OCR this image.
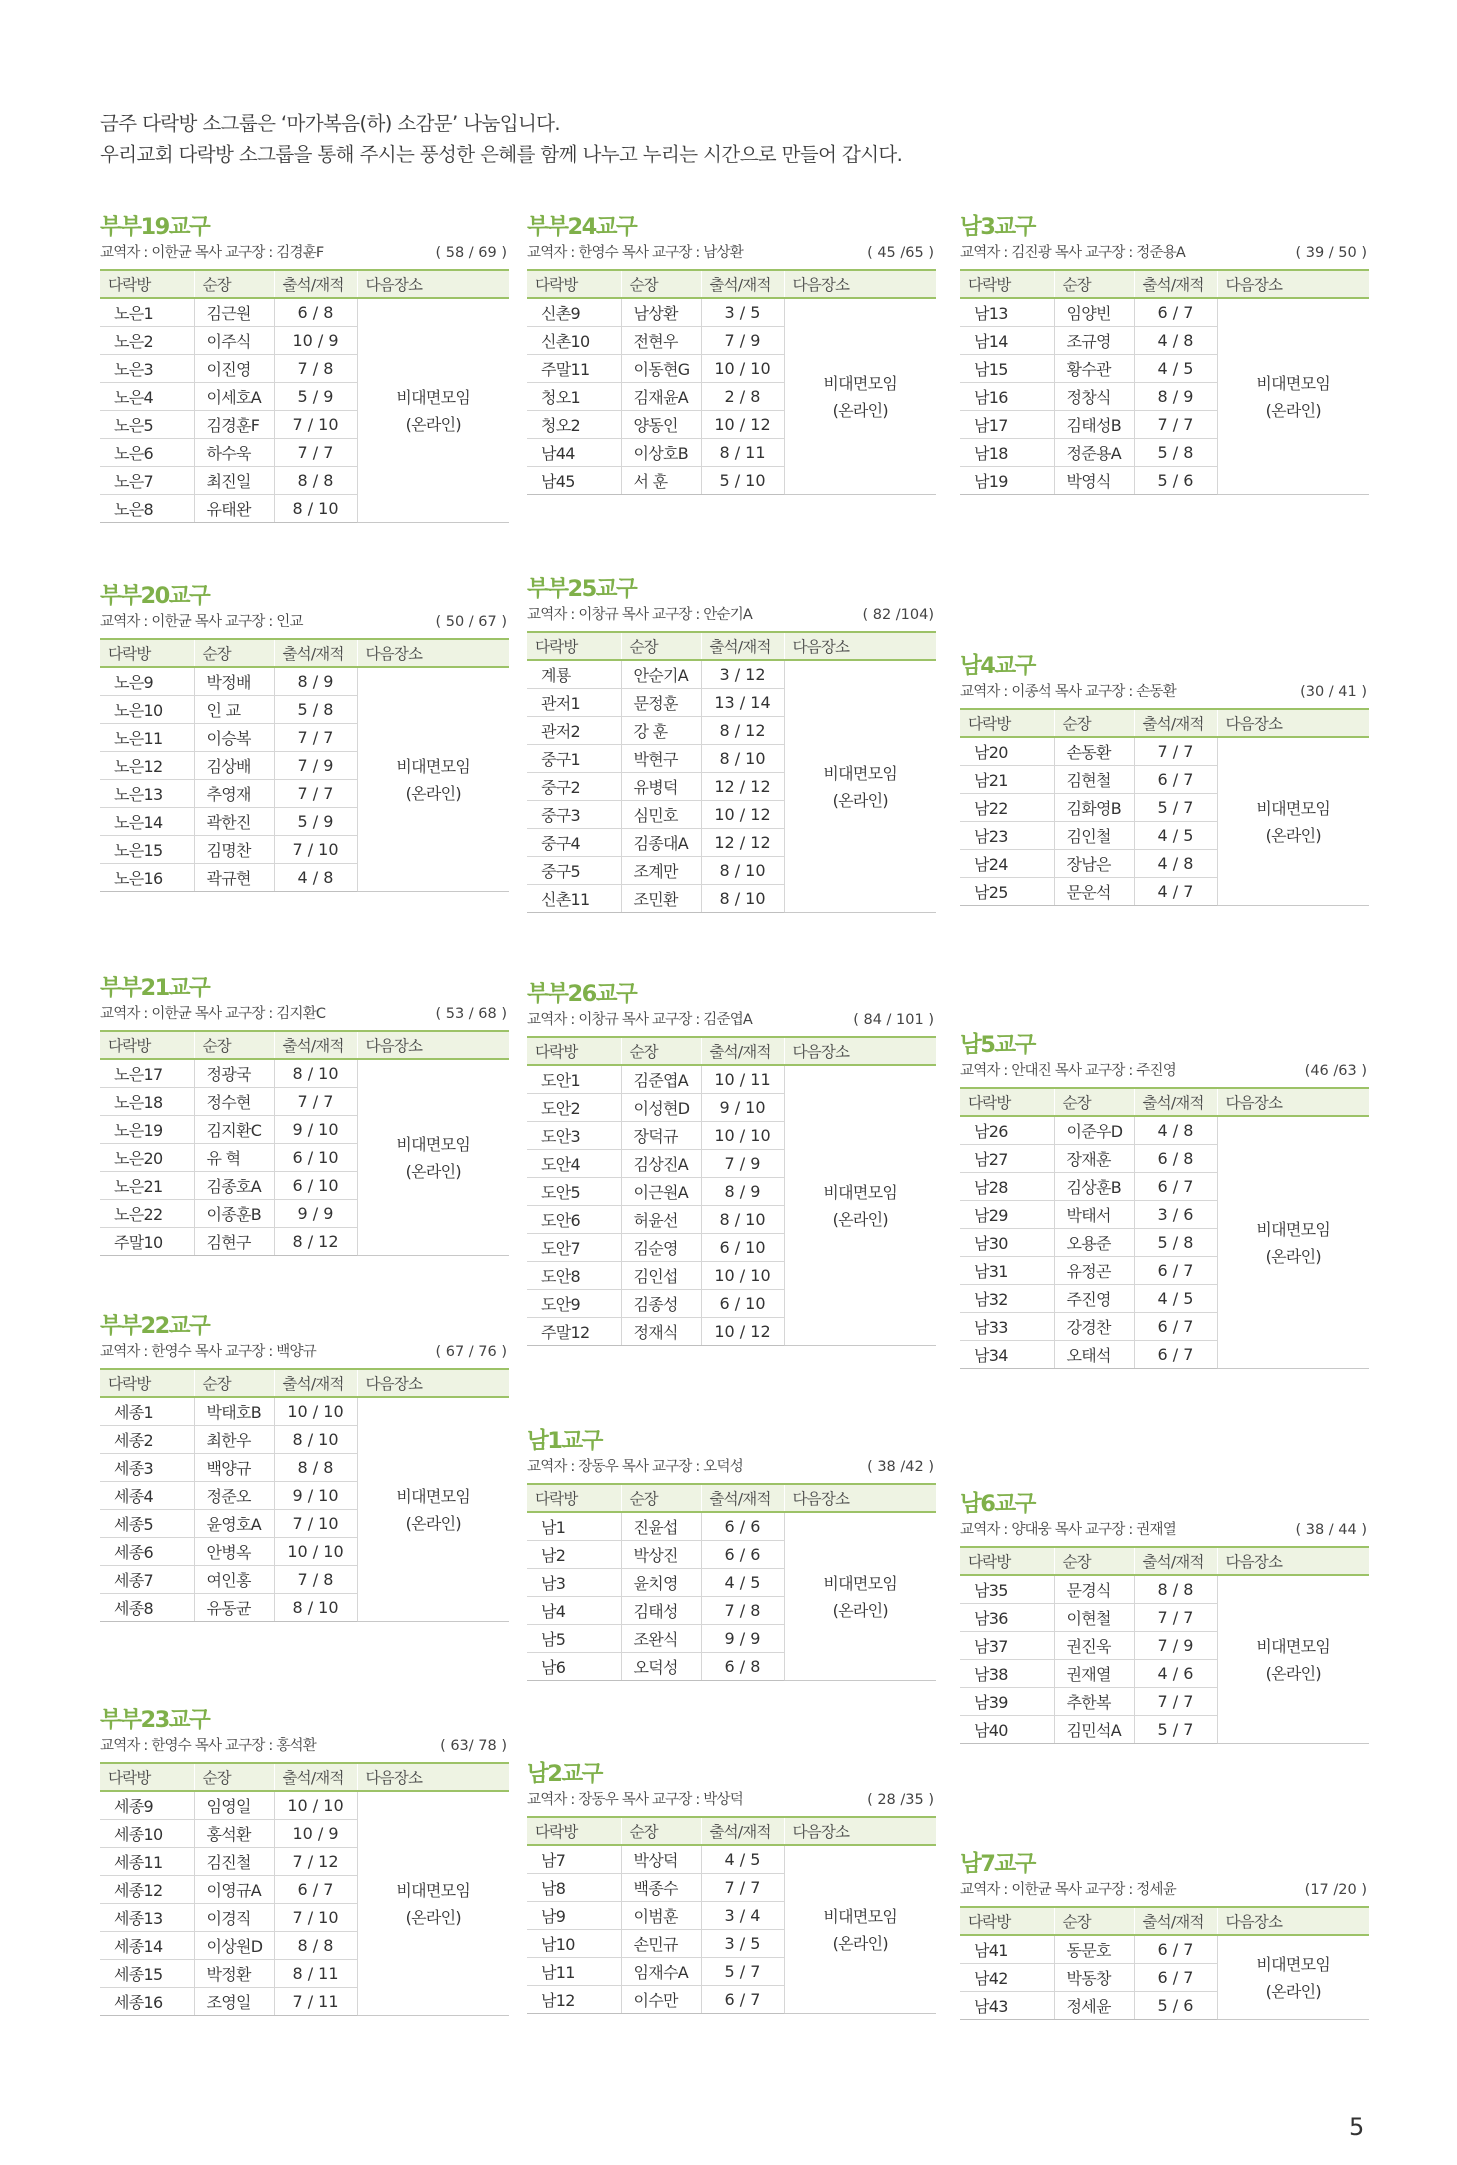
금주 다락방 소그룹은 ‘마가복음(하) 소감문’ 나눔입니다.
우리교회 다락방 소그룹을 통해 주시는 풍성한 은혜를 함께 나누고 누리는 시간으로 만들어 갑시다.
부부19교구
교역자 : 이한균 목사 교구장 : 김경훈F	( 58 / 69 )
다락방	순장	출석/재적	다음장소
노은1	김근원	6 / 8	비대면모임
(온라인)

노은2	이주식	10 / 9	
노은3	이진영	7 / 8	
노은4	이세호A	5 / 9	
노은5	김경훈F	7 / 10	
노은6	하수욱	7 / 7	
노은7	최진일	8 / 8	
노은8	유태완	8 / 10	
부부20교구
교역자 : 이한균 목사 교구장 : 인교	( 50 / 67 )
다락방	순장	출석/재적	다음장소
노은9	박정배	8 / 9	비대면모임
(온라인)

노은10	인 교	5 / 8	
노은11	이승복	7 / 7	
노은12	김상배	7 / 9	
노은13	추영재	7 / 7	
노은14	곽한진	5 / 9	
노은15	김명찬	7 / 10	
노은16	곽규현	4 / 8	
부부21교구
교역자 : 이한균 목사 교구장 : 김지환C	( 53 / 68 )
다락방	순장	출석/재적	다음장소
노은17	정광국	8 / 10	비대면모임
(온라인)

노은18	정수현	7 / 7	
노은19	김지환C	9 / 10	
노은20	유 혁	6 / 10	
노은21	김종호A	6 / 10	
노은22	이종훈B	9 / 9	
주말10	김현구	8 / 12	
부부22교구
교역자 : 한영수 목사 교구장 : 백양규	( 67 / 76 )
다락방	순장	출석/재적	다음장소
세종1	박태호B	10 / 10	비대면모임
(온라인)

세종2	최한우	8 / 10	
세종3	백양규	8 / 8	
세종4	정준오	9 / 10	
세종5	윤영호A	7 / 10	
세종6	안병옥	10 / 10	
세종7	여인홍	7 / 8	
세종8	유동균	8 / 10	
부부23교구
교역자 : 한영수 목사 교구장 : 홍석환	( 63/ 78 )
다락방	순장	출석/재적	다음장소
세종9	임영일	10 / 10	비대면모임
(온라인)

세종10	홍석환	10 / 9	
세종11	김진철	7 / 12	
세종12	이영규A	6 / 7	
세종13	이경직	7 / 10	
세종14	이상원D	8 / 8	
세종15	박정환	8 / 11	
세종16	조영일	7 / 11	
부부24교구
교역자 : 한영수 목사 교구장 : 남상환	( 45 /65 )
다락방	순장	출석/재적	다음장소
신촌9	남상환	3 / 5	비대면모임
(온라인)

신촌10	전현우	7 / 9	
주말11	이동현G	10 / 10	
청오1	김재윤A	2 / 8	
청오2	양동인	10 / 12	
남44	이상호B	8 / 11	
남45	서 훈	5 / 10	
부부25교구
교역자 : 이창규 목사 교구장 : 안순기A	( 82 /104)
다락방	순장	출석/재적	다음장소
계룡	안순기A	3 / 12	비대면모임
(온라인)

관저1	문정훈	13 / 14	
관저2	강 훈	8 / 12	
중구1	박현구	8 / 10	
중구2	유병덕	12 / 12	
중구3	심민호	10 / 12	
중구4	김종대A	12 / 12	
중구5	조계만	8 / 10	
신촌11	조민환	8 / 10	
부부26교구
교역자 : 이창규 목사 교구장 : 김준엽A	( 84 / 101 )
다락방	순장	출석/재적	다음장소
도안1	김준엽A	10 / 11	비대면모임
(온라인)

도안2	이성현D	9 / 10	
도안3	장덕규	10 / 10	
도안4	김상진A	7 / 9	
도안5	이근원A	8 / 9	
도안6	허윤선	8 / 10	
도안7	김순영	6 / 10	
도안8	김인섭	10 / 10	
도안9	김종성	6 / 10	
주말12	정재식	10 / 12	
남1교구
교역자 : 장동우 목사 교구장 : 오덕성	( 38 /42 )
다락방	순장	출석/재적	다음장소
남1	진윤섭	6 / 6	비대면모임
(온라인)

남2	박상진	6 / 6	
남3	윤치영	4 / 5	
남4	김태성	7 / 8	
남5	조완식	9 / 9	
남6	오덕성	6 / 8	
남2교구
교역자 : 장동우 목사 교구장 : 박상덕	( 28 /35 )
다락방	순장	출석/재적	다음장소
남7	박상덕	4 / 5	비대면모임
(온라인)

남8	백종수	7 / 7	
남9	이범훈	3 / 4	
남10	손민규	3 / 5	
남11	임재수A	5 / 7	
남12	이수만	6 / 7	
남3교구
교역자 : 김진광 목사 교구장 : 정준용A	( 39 / 50 )
다락방	순장	출석/재적	다음장소
남13	임양빈	6 / 7	비대면모임
(온라인)

남14	조규영	4 / 8	
남15	황수관	4 / 5	
남16	정창식	8 / 9	
남17	김태성B	7 / 7	
남18	정준용A	5 / 8	
남19	박영식	5 / 6	
남4교구
교역자 : 이종석 목사 교구장 : 손동환	(30 / 41 )
다락방	순장	출석/재적	다음장소
남20	손동환	7 / 7	비대면모임
(온라인)

남21	김현철	6 / 7	
남22	김화영B	5 / 7	
남23	김인철	4 / 5	
남24	장남은	4 / 8	
남25	문운석	4 / 7	
남5교구
교역자 : 안대진 목사 교구장 : 주진영	(46 /63 )
다락방	순장	출석/재적	다음장소
남26	이준우D	4 / 8	비대면모임
(온라인)

남27	장재훈	6 / 8	
남28	김상훈B	6 / 7	
남29	박태서	3 / 6	
남30	오용준	5 / 8	
남31	유정곤	6 / 7	
남32	주진영	4 / 5	
남33	강경찬	6 / 7	
남34	오태석	6 / 7	
남6교구
교역자 : 양대웅 목사 교구장 : 권재열	( 38 / 44 )
다락방	순장	출석/재적	다음장소
남35	문경식	8 / 8	비대면모임
(온라인)

남36	이현철	7 / 7	
남37	권진욱	7 / 9	
남38	권재열	4 / 6	
남39	추한복	7 / 7	
남40	김민석A	5 / 7	
남7교구
교역자 : 이한균 목사 교구장 : 정세윤	(17 /20 )
다락방	순장	출석/재적	다음장소
남41	동문호	6 / 7	비대면모임
(온라인)

남42	박동창	6 / 7	
남43	정세윤	5 / 6	
5
